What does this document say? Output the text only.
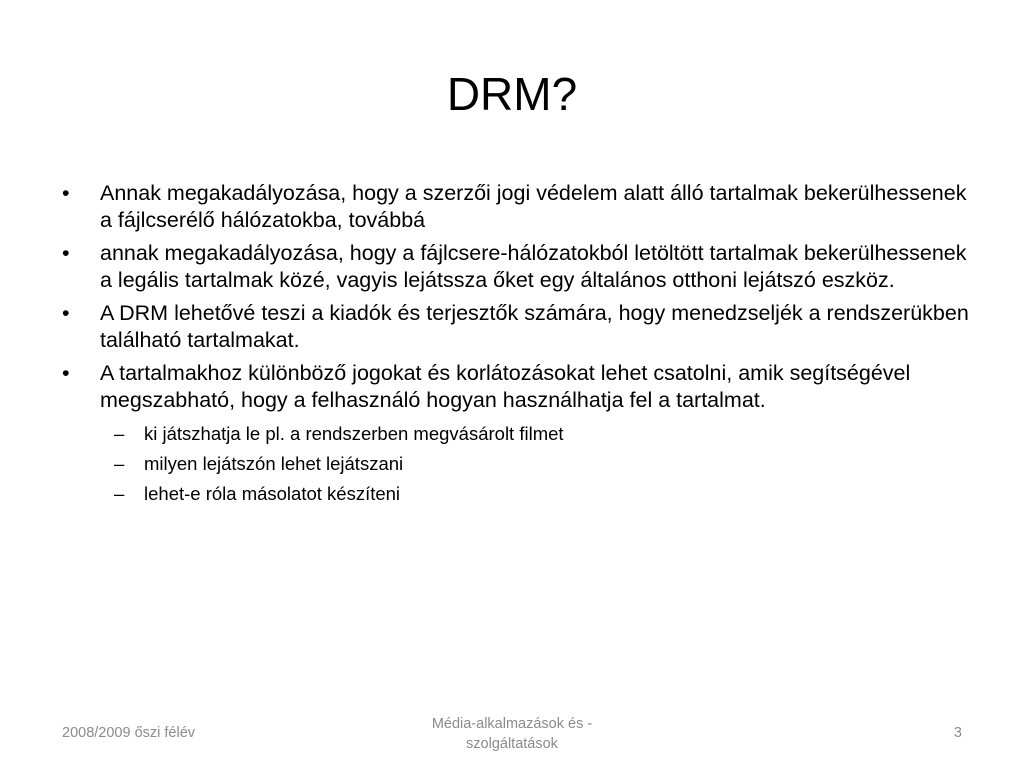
DRM?
•	Annak megakadályozása, hogy a szerzői jogi védelem alatt álló tartalmak bekerülhessenek a fájlcserélő hálózatokba, továbbá
•	annak megakadályozása, hogy a fájlcsere-hálózatokból letöltött tartalmak bekerülhessenek a legális tartalmak közé, vagyis lejátssza őket egy általános otthoni lejátszó eszköz.
•	A DRM lehetővé teszi a kiadók és terjesztők számára, hogy menedzseljék a rendszerükben található tartalmakat.
•	A tartalmakhoz különböző jogokat és korlátozásokat lehet csatolni, amik segítségével megszabható, hogy a felhasználó hogyan használhatja fel a tartalmat.
–	ki játszhatja le pl. a rendszerben megvásárolt filmet
–	milyen lejátszón lehet lejátszani
–	lehet-e róla másolatot készíteni
2008/2009 őszi félév
Média-alkalmazások és -
szolgáltatások
3
